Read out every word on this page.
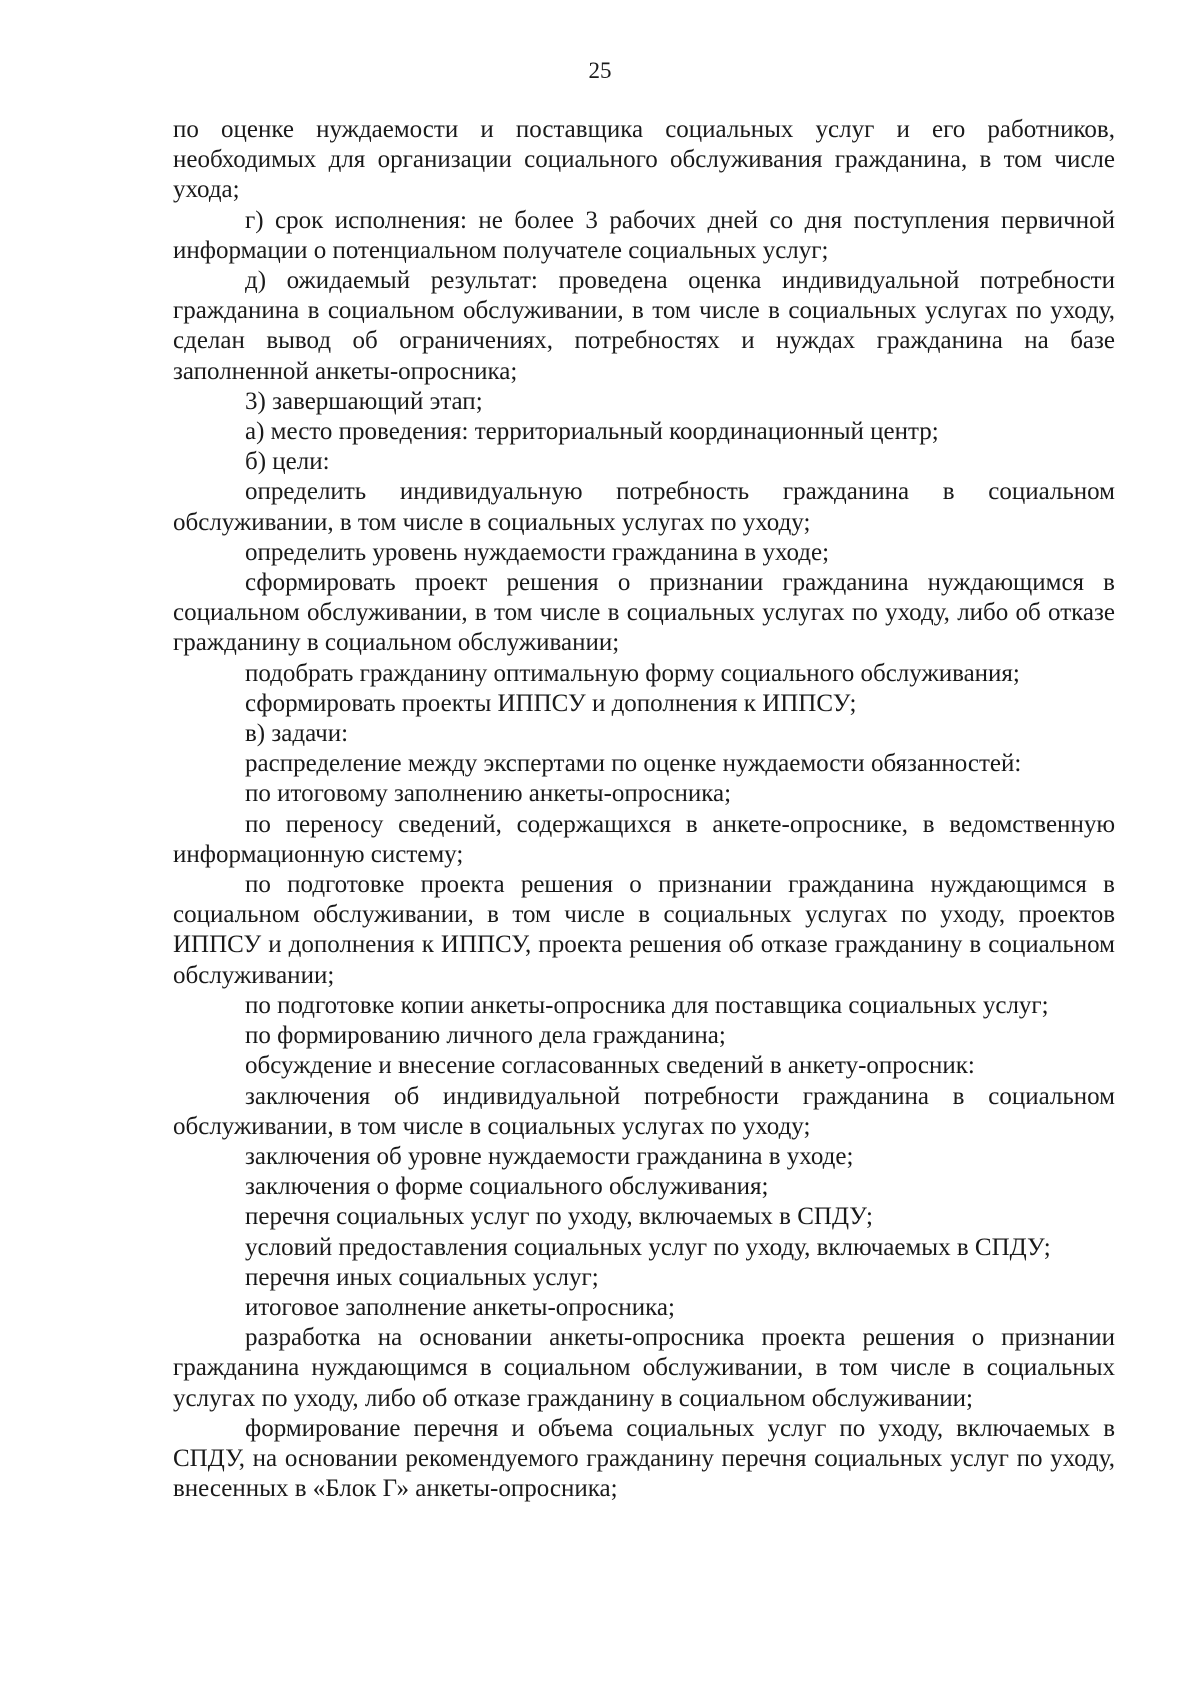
25

по оценке нуждаемости и поставщика социальных услуг и его работников, необходимых для организации социального обслуживания гражданина, в том числе ухода;

г) срок исполнения: не более 3 рабочих дней со дня поступления первичной информации о потенциальном получателе социальных услуг;

д) ожидаемый результат: проведена оценка индивидуальной потребности гражданина в социальном обслуживании, в том числе в социальных услугах по уходу, сделан вывод об ограничениях, потребностях и нуждах гражданина на базе заполненной анкеты-опросника;

3) завершающий этап;

а) место проведения: территориальный координационный центр;

б) цели:

определить индивидуальную потребность гражданина в социальном обслуживании, в том числе в социальных услугах по уходу;

определить уровень нуждаемости гражданина в уходе;

сформировать проект решения о признании гражданина нуждающимся в социальном обслуживании, в том числе в социальных услугах по уходу, либо об отказе гражданину в социальном обслуживании;

подобрать гражданину оптимальную форму социального обслуживания;

сформировать проекты ИППСУ и дополнения к ИППСУ;

в) задачи:

распределение между экспертами по оценке нуждаемости обязанностей:

по итоговому заполнению анкеты-опросника;

по переносу сведений, содержащихся в анкете-опроснике, в ведомственную информационную систему;

по подготовке проекта решения о признании гражданина нуждающимся в социальном обслуживании, в том числе в социальных услугах по уходу, проектов ИППСУ и дополнения к ИППСУ, проекта решения об отказе гражданину в социальном обслуживании;

по подготовке копии анкеты-опросника для поставщика социальных услуг;

по формированию личного дела гражданина;

обсуждение и внесение согласованных сведений в анкету-опросник:

заключения об индивидуальной потребности гражданина в социальном обслуживании, в том числе в социальных услугах по уходу;

заключения об уровне нуждаемости гражданина в уходе;

заключения о форме социального обслуживания;

перечня социальных услуг по уходу, включаемых в СПДУ;

условий предоставления социальных услуг по уходу, включаемых в СПДУ;

перечня иных социальных услуг;

итоговое заполнение анкеты-опросника;

разработка на основании анкеты-опросника проекта решения о признании гражданина нуждающимся в социальном обслуживании, в том числе в социальных услугах по уходу, либо об отказе гражданину в социальном обслуживании;

формирование перечня и объема социальных услуг по уходу, включаемых в СПДУ, на основании рекомендуемого гражданину перечня социальных услуг по уходу, внесенных в «Блок Г» анкеты-опросника;
